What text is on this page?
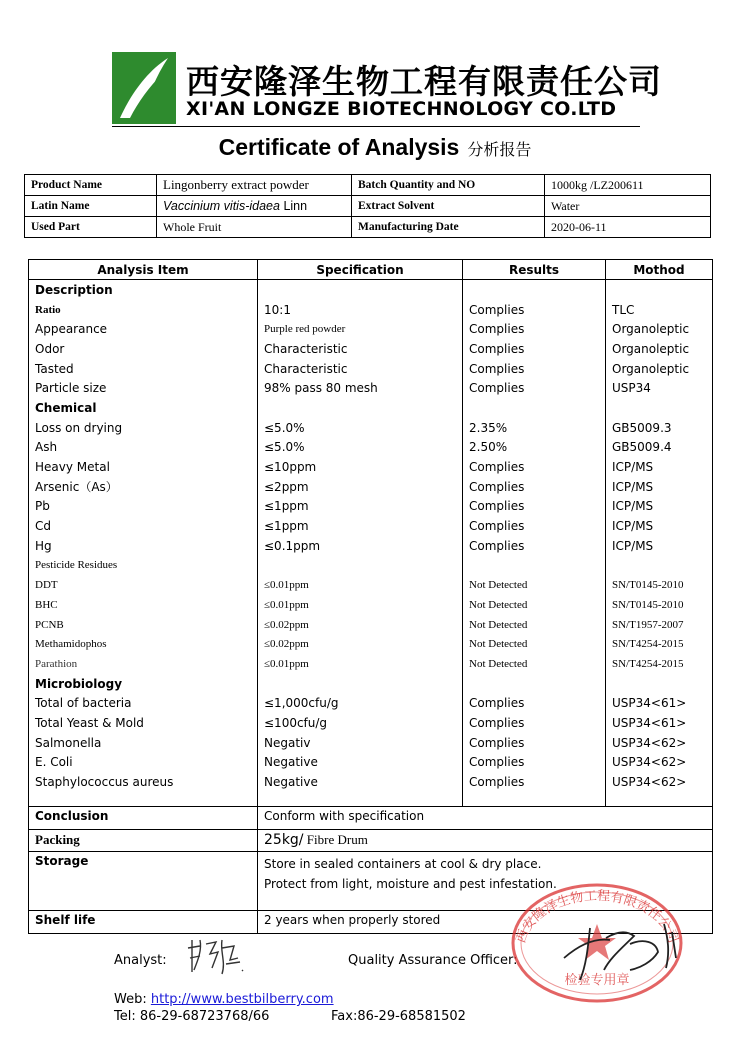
西安隆泽生物工程有限责任公司
XI'AN LONGZE BIOTECHNOLOGY CO.LTD
Certificate of Analysis 分析报告
Product Name	Lingonberry extract powder	Batch Quantity and NO	1000kg /LZ200611
Latin Name	Vaccinium vitis-idaea Linn	Extract Solvent	Water
Used Part	Whole Fruit	Manufacturing Date	2020-06-11
Analysis Item	Specification	Results	Mothod
Description			
Ratio	10:1	Complies	TLC
Appearance	Purple red powder	Complies	Organoleptic
Odor	Characteristic	Complies	Organoleptic
Tasted	Characteristic	Complies	Organoleptic
Particle size	98% pass 80 mesh	Complies	USP34
Chemical			
Loss on drying	≤5.0%	2.35%	GB5009.3
Ash	≤5.0%	2.50%	GB5009.4
Heavy Metal	≤10ppm	Complies	ICP/MS
Arsenic（As）	≤2ppm	Complies	ICP/MS
Pb	≤1ppm	Complies	ICP/MS
Cd	≤1ppm	Complies	ICP/MS
Hg	≤0.1ppm	Complies	ICP/MS
Pesticide Residues			
DDT	≤0.01ppm	Not Detected	SN/T0145-2010
BHC	≤0.01ppm	Not Detected	SN/T0145-2010
PCNB	≤0.02ppm	Not Detected	SN/T1957-2007
Methamidophos	≤0.02ppm	Not Detected	SN/T4254-2015
Parathion	≤0.01ppm	Not Detected	SN/T4254-2015
Microbiology			
Total of bacteria	≤1,000cfu/g	Complies	USP34<61>
Total Yeast & Mold	≤100cfu/g	Complies	USP34<61>
Salmonella	Negativ	Complies	USP34<62>
E. Coli	Negative	Complies	USP34<62>
Staphylococcus aureus	Negative	Complies	USP34<62>

Conclusion	Conform with specification		
Packing	25kg/ Fibre Drum		
Storage	Store in sealed containers at cool & dry place.
Protect from light, moisture and pest infestation.		

Shelf life	2 years when properly stored		
Analyst:	Quality Assurance Officer:
西安隆泽生物工程有限责任公司
检验专用章
Web: http://www.bestbilberry.com
Tel: 86-29-68723768/66	Fax:86-29-68581502
